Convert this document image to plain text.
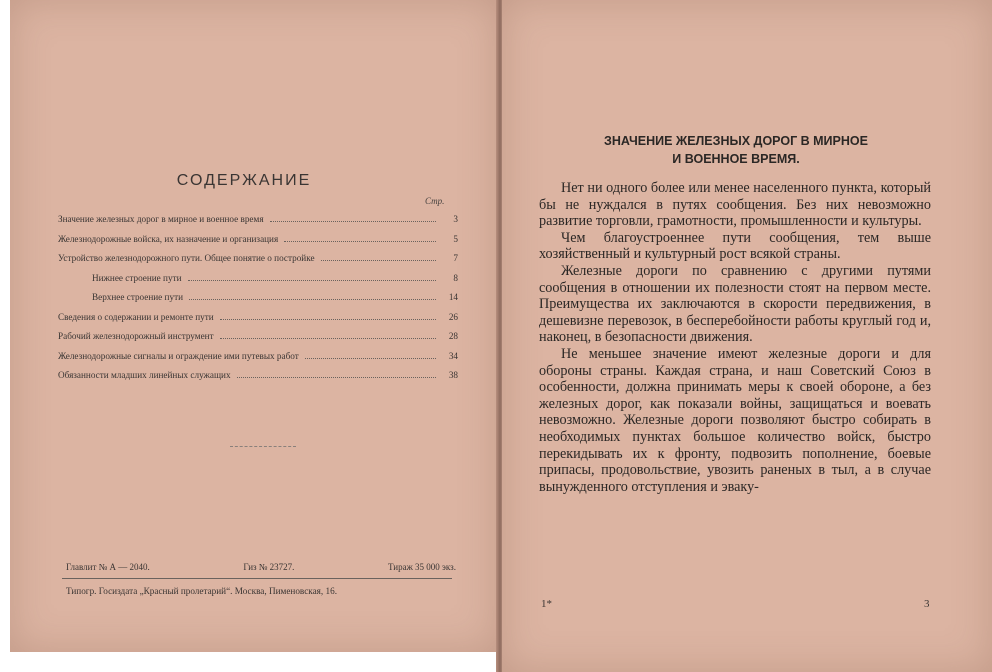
СОДЕРЖАНИЕ
Стр.
Значение железных дорог в мирное и военное время	3
Железнодорожные войска, их назначение и организация	5
Устройство железнодорожного пути. Общее понятие о постройке	7
Нижнее строение пути	8
Верхнее строение пути	14
Сведения о содержании и ремонте пути	26
Рабочий железнодорожный инструмент	28
Железнодорожные сигналы и ограждение ими путевых работ	34
Обязанности младших линейных служащих	38
Главлит № А — 2040.	Гиз № 23727.	Тираж 35 000 экз.
Типогр. Госиздата „Красный пролетарий“. Москва, Пименовская, 16.
ЗНАЧЕНИЕ ЖЕЛЕЗНЫХ ДОРОГ В МИРНОЕ
И ВОЕННОЕ ВРЕМЯ.

Нет ни одного более или менее населенного пункта, который бы не нуждался в путях сообщения. Без них невозможно развитие торговли, грамотности, промышленности и культуры.

Чем благоустроеннее пути сообщения, тем выше хозяйственный и культурный рост всякой страны.

Железные дороги по сравнению с другими путями сообщения в отношении их полезности стоят на первом месте. Преимущества их заключаются в скорости передвижения, в дешевизне перевозок, в бесперебойности работы круглый год и, наконец, в безопасности движения.

Не меньшее значение имеют железные дороги и для обороны страны. Каждая страна, и наш Советский Союз в особенности, должна принимать меры к своей обороне, а без железных дорог, как показали войны, защищаться и воевать невозможно. Железные дороги позволяют быстро собирать в необходимых пунктах большое количество войск, быстро перекидывать их к фронту, подвозить пополнение, боевые припасы, продовольствие, увозить раненых в тыл, а в случае вынужденного отступления и эваку-

1*	3
